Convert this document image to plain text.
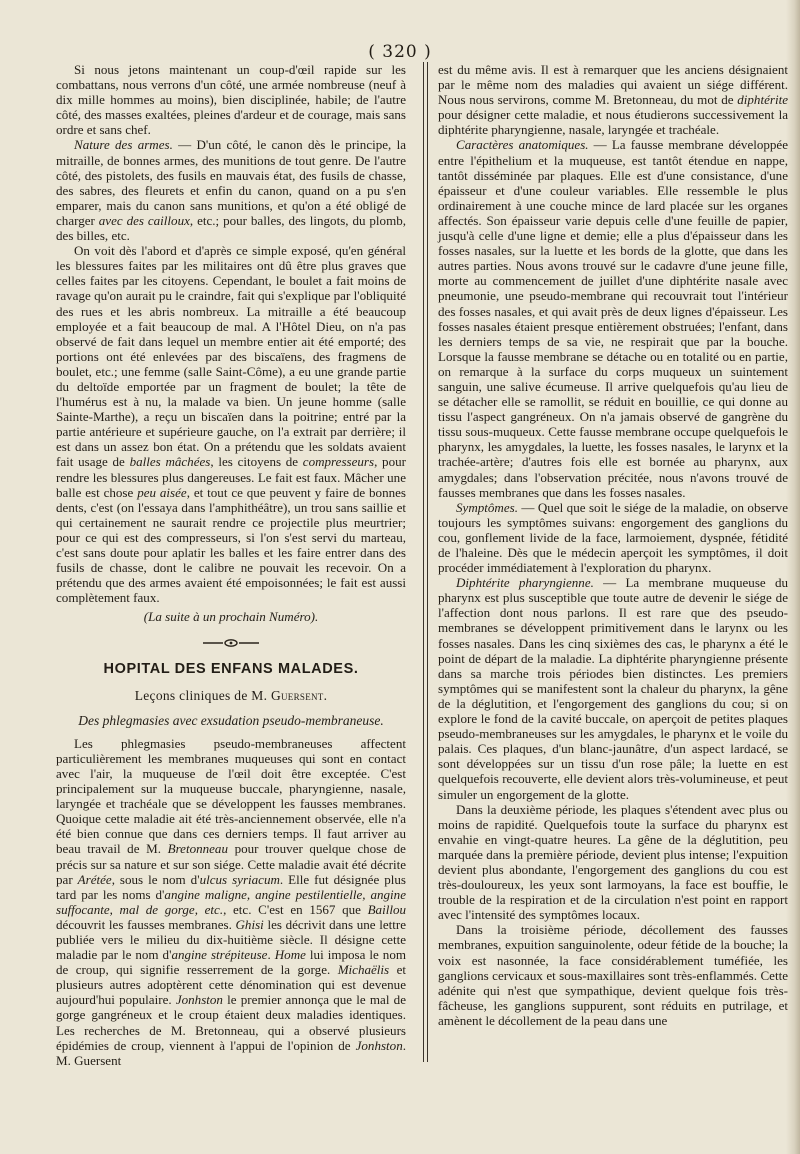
( 320 )

Si nous jetons maintenant un coup-d'œil rapide sur les combattans, nous verrons d'un côté, une armée nombreuse (neuf à dix mille hommes au moins), bien disciplinée, habile; de l'autre côté, des masses exaltées, pleines d'ardeur et de courage, mais sans ordre et sans chef.

Nature des armes. — D'un côté, le canon dès le principe, la mitraille, de bonnes armes, des munitions de tout genre. De l'autre côté, des pistolets, des fusils en mauvais état, des fusils de chasse, des sabres, des fleurets et enfin du canon, quand on a pu s'en emparer, mais du canon sans munitions, et qu'on a été obligé de charger avec des cailloux, etc.; pour balles, des lingots, du plomb, des billes, etc.

On voit dès l'abord et d'après ce simple exposé, qu'en général les blessures faites par les militaires ont dû être plus graves que celles faites par les citoyens. Cependant, le boulet a fait moins de ravage qu'on aurait pu le craindre, fait qui s'explique par l'obliquité des rues et les abris nombreux. La mitraille a été beaucoup employée et a fait beaucoup de mal. A l'Hôtel Dieu, on n'a pas observé de fait dans lequel un membre entier ait été emporté; des portions ont été enlevées par des biscaïens, des fragmens de boulet, etc.; une femme (salle Saint-Côme), a eu une grande partie du deltoïde emportée par un fragment de boulet; la tête de l'humérus est à nu, la malade va bien. Un jeune homme (salle Sainte-Marthe), a reçu un biscaïen dans la poitrine; entré par la partie antérieure et supérieure gauche, on l'a extrait par derrière; il est dans un assez bon état. On a prétendu que les soldats avaient fait usage de balles mâchées, les citoyens de compresseurs, pour rendre les blessures plus dangereuses. Le fait est faux. Mâcher une balle est chose peu aisée, et tout ce que peuvent y faire de bonnes dents, c'est (on l'essaya dans l'amphithéâtre), un trou sans saillie et qui certainement ne saurait rendre ce projectile plus meurtrier; pour ce qui est des compresseurs, si l'on s'est servi du marteau, c'est sans doute pour aplatir les balles et les faire entrer dans des fusils de chasse, dont le calibre ne pouvait les recevoir. On a prétendu que des armes avaient été empoisonnées; le fait est aussi complètement faux.

(La suite à un prochain Numéro).

HOPITAL DES ENFANS MALADES.

Leçons cliniques de M. Guersent.

Des phlegmasies avec exsudation pseudo-membraneuse.

Les phlegmasies pseudo-membraneuses affectent particulièrement les membranes muqueuses qui sont en contact avec l'air, la muqueuse de l'œil doit être exceptée. C'est principalement sur la muqueuse buccale, pharyngienne, nasale, laryngée et trachéale que se développent les fausses membranes. Quoique cette maladie ait été très-anciennement observée, elle n'a été bien connue que dans ces derniers temps. Il faut arriver au beau travail de M. Bretonneau pour trouver quelque chose de précis sur sa nature et sur son siége. Cette maladie avait été décrite par Arétée, sous le nom d'ulcus syriacum. Elle fut désignée plus tard par les noms d'angine maligne, angine pestilentielle, angine suffocante, mal de gorge, etc., etc. C'est en 1567 que Baillou découvrit les fausses membranes. Ghisi les décrivit dans une lettre publiée vers le milieu du dix-huitième siècle. Il désigne cette maladie par le nom d'angine strépiteuse. Home lui imposa le nom de croup, qui signifie resserrement de la gorge. Michaëlis et plusieurs autres adoptèrent cette dénomination qui est devenue aujourd'hui populaire. Jonhston le premier annonça que le mal de gorge gangréneux et le croup étaient deux maladies identiques. Les recherches de M. Bretonneau, qui a observé plusieurs épidémies de croup, viennent à l'appui de l'opinion de Jonhston. M. Guersent

est du même avis. Il est à remarquer que les anciens désignaient par le même nom des maladies qui avaient un siége différent. Nous nous servirons, comme M. Bretonneau, du mot de diphtérite pour désigner cette maladie, et nous étudierons successivement la diphtérite pharyngienne, nasale, laryngée et trachéale.

Caractères anatomiques. — La fausse membrane développée entre l'épithelium et la muqueuse, est tantôt étendue en nappe, tantôt disséminée par plaques. Elle est d'une consistance, d'une épaisseur et d'une couleur variables. Elle ressemble le plus ordinairement à une couche mince de lard placée sur les organes affectés. Son épaisseur varie depuis celle d'une feuille de papier, jusqu'à celle d'une ligne et demie; elle a plus d'épaisseur dans les fosses nasales, sur la luette et les bords de la glotte, que dans les autres parties. Nous avons trouvé sur le cadavre d'une jeune fille, morte au commencement de juillet d'une diphtérite nasale avec pneumonie, une pseudo-membrane qui recouvrait tout l'intérieur des fosses nasales, et qui avait près de deux lignes d'épaisseur. Les fosses nasales étaient presque entièrement obstruées; l'enfant, dans les derniers temps de sa vie, ne respirait que par la bouche. Lorsque la fausse membrane se détache ou en totalité ou en partie, on remarque à la surface du corps muqueux un suintement sanguin, une salive écumeuse. Il arrive quelquefois qu'au lieu de se détacher elle se ramollit, se réduit en bouillie, ce qui donne au tissu l'aspect gangréneux. On n'a jamais observé de gangrène du tissu sous-muqueux. Cette fausse membrane occupe quelquefois le pharynx, les amygdales, la luette, les fosses nasales, le larynx et la trachée-artère; d'autres fois elle est bornée au pharynx, aux amygdales; dans l'observation précitée, nous n'avons trouvé de fausses membranes que dans les fosses nasales.

Symptômes. — Quel que soit le siége de la maladie, on observe toujours les symptômes suivans: engorgement des ganglions du cou, gonflement livide de la face, larmoiement, dyspnée, fétidité de l'haleine. Dès que le médecin aperçoit les symptômes, il doit procéder immédiatement à l'exploration du pharynx.

Diphtérite pharyngienne. — La membrane muqueuse du pharynx est plus susceptible que toute autre de devenir le siége de l'affection dont nous parlons. Il est rare que des pseudo-membranes se développent primitivement dans le larynx ou les fosses nasales. Dans les cinq sixièmes des cas, le pharynx a été le point de départ de la maladie. La diphtérite pharyngienne présente dans sa marche trois périodes bien distinctes. Les premiers symptômes qui se manifestent sont la chaleur du pharynx, la gêne de la déglutition, et l'engorgement des ganglions du cou; si on explore le fond de la cavité buccale, on aperçoit de petites plaques pseudo-membraneuses sur les amygdales, le pharynx et le voile du palais. Ces plaques, d'un blanc-jaunâtre, d'un aspect lardacé, se sont développées sur un tissu d'un rose pâle; la luette en est quelquefois recouverte, elle devient alors très-volumineuse, et peut simuler un engorgement de la glotte.

Dans la deuxième période, les plaques s'étendent avec plus ou moins de rapidité. Quelquefois toute la surface du pharynx est envahie en vingt-quatre heures. La gêne de la déglutition, peu marquée dans la première période, devient plus intense; l'expuition devient plus abondante, l'engorgement des ganglions du cou est très-douloureux, les yeux sont larmoyans, la face est bouffie, le trouble de la respiration et de la circulation n'est point en rapport avec l'intensité des symptômes locaux.

Dans la troisième période, décollement des fausses membranes, expuition sanguinolente, odeur fétide de la bouche; la voix est nasonnée, la face considérablement tuméfiée, les ganglions cervicaux et sous-maxillaires sont très-enflammés. Cette adénite qui n'est que sympathique, devient quelque fois très-fâcheuse, les ganglions suppurent, sont réduits en putrilage, et amènent le décollement de la peau dans une
